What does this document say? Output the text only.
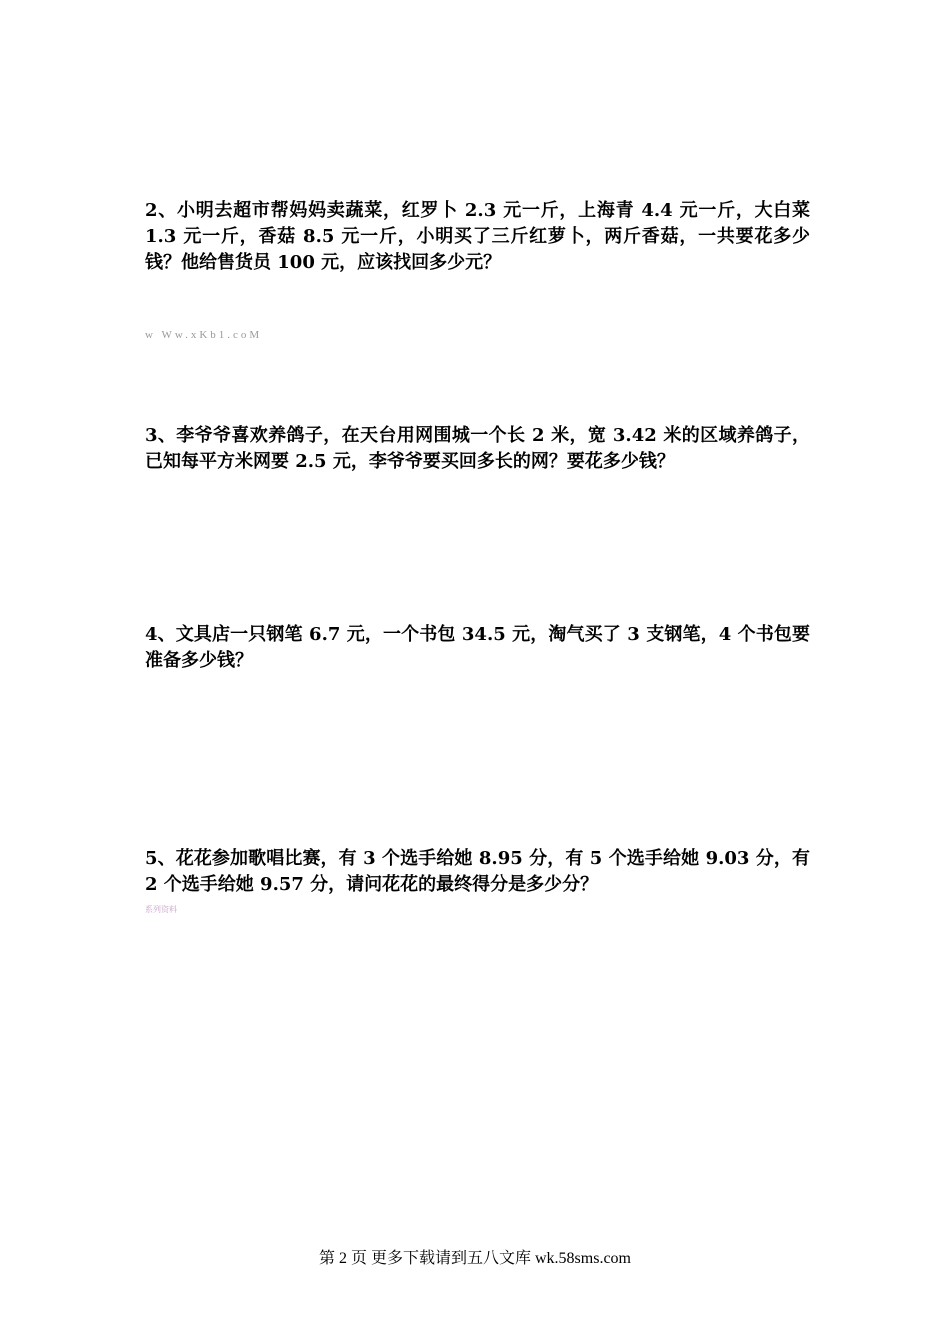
2、小明去超市帮妈妈卖蔬菜，红罗卜 2.3 元一斤，上海青 4.4 元一斤，大白菜 1.3 元一斤，香菇 8.5 元一斤，小明买了三斤红萝卜，两斤香菇，一共要花多少钱？他给售货员 100 元，应该找回多少元？

w Ww.xKb1.coM

3、李爷爷喜欢养鸽子，在天台用网围城一个长 2 米，宽 3.42 米的区域养鸽子，已知每平方米网要 2.5 元，李爷爷要买回多长的网？要花多少钱？

4、文具店一只钢笔 6.7 元，一个书包 34.5 元，淘气买了 3 支钢笔，4 个书包要准备多少钱？

5、花花参加歌唱比赛，有 3 个选手给她 8.95 分，有 5 个选手给她 9.03 分，有 2 个选手给她 9.57 分，请问花花的最终得分是多少分？

系列资料

第 2 页 更多下载请到五八文库 wk.58sms.com
